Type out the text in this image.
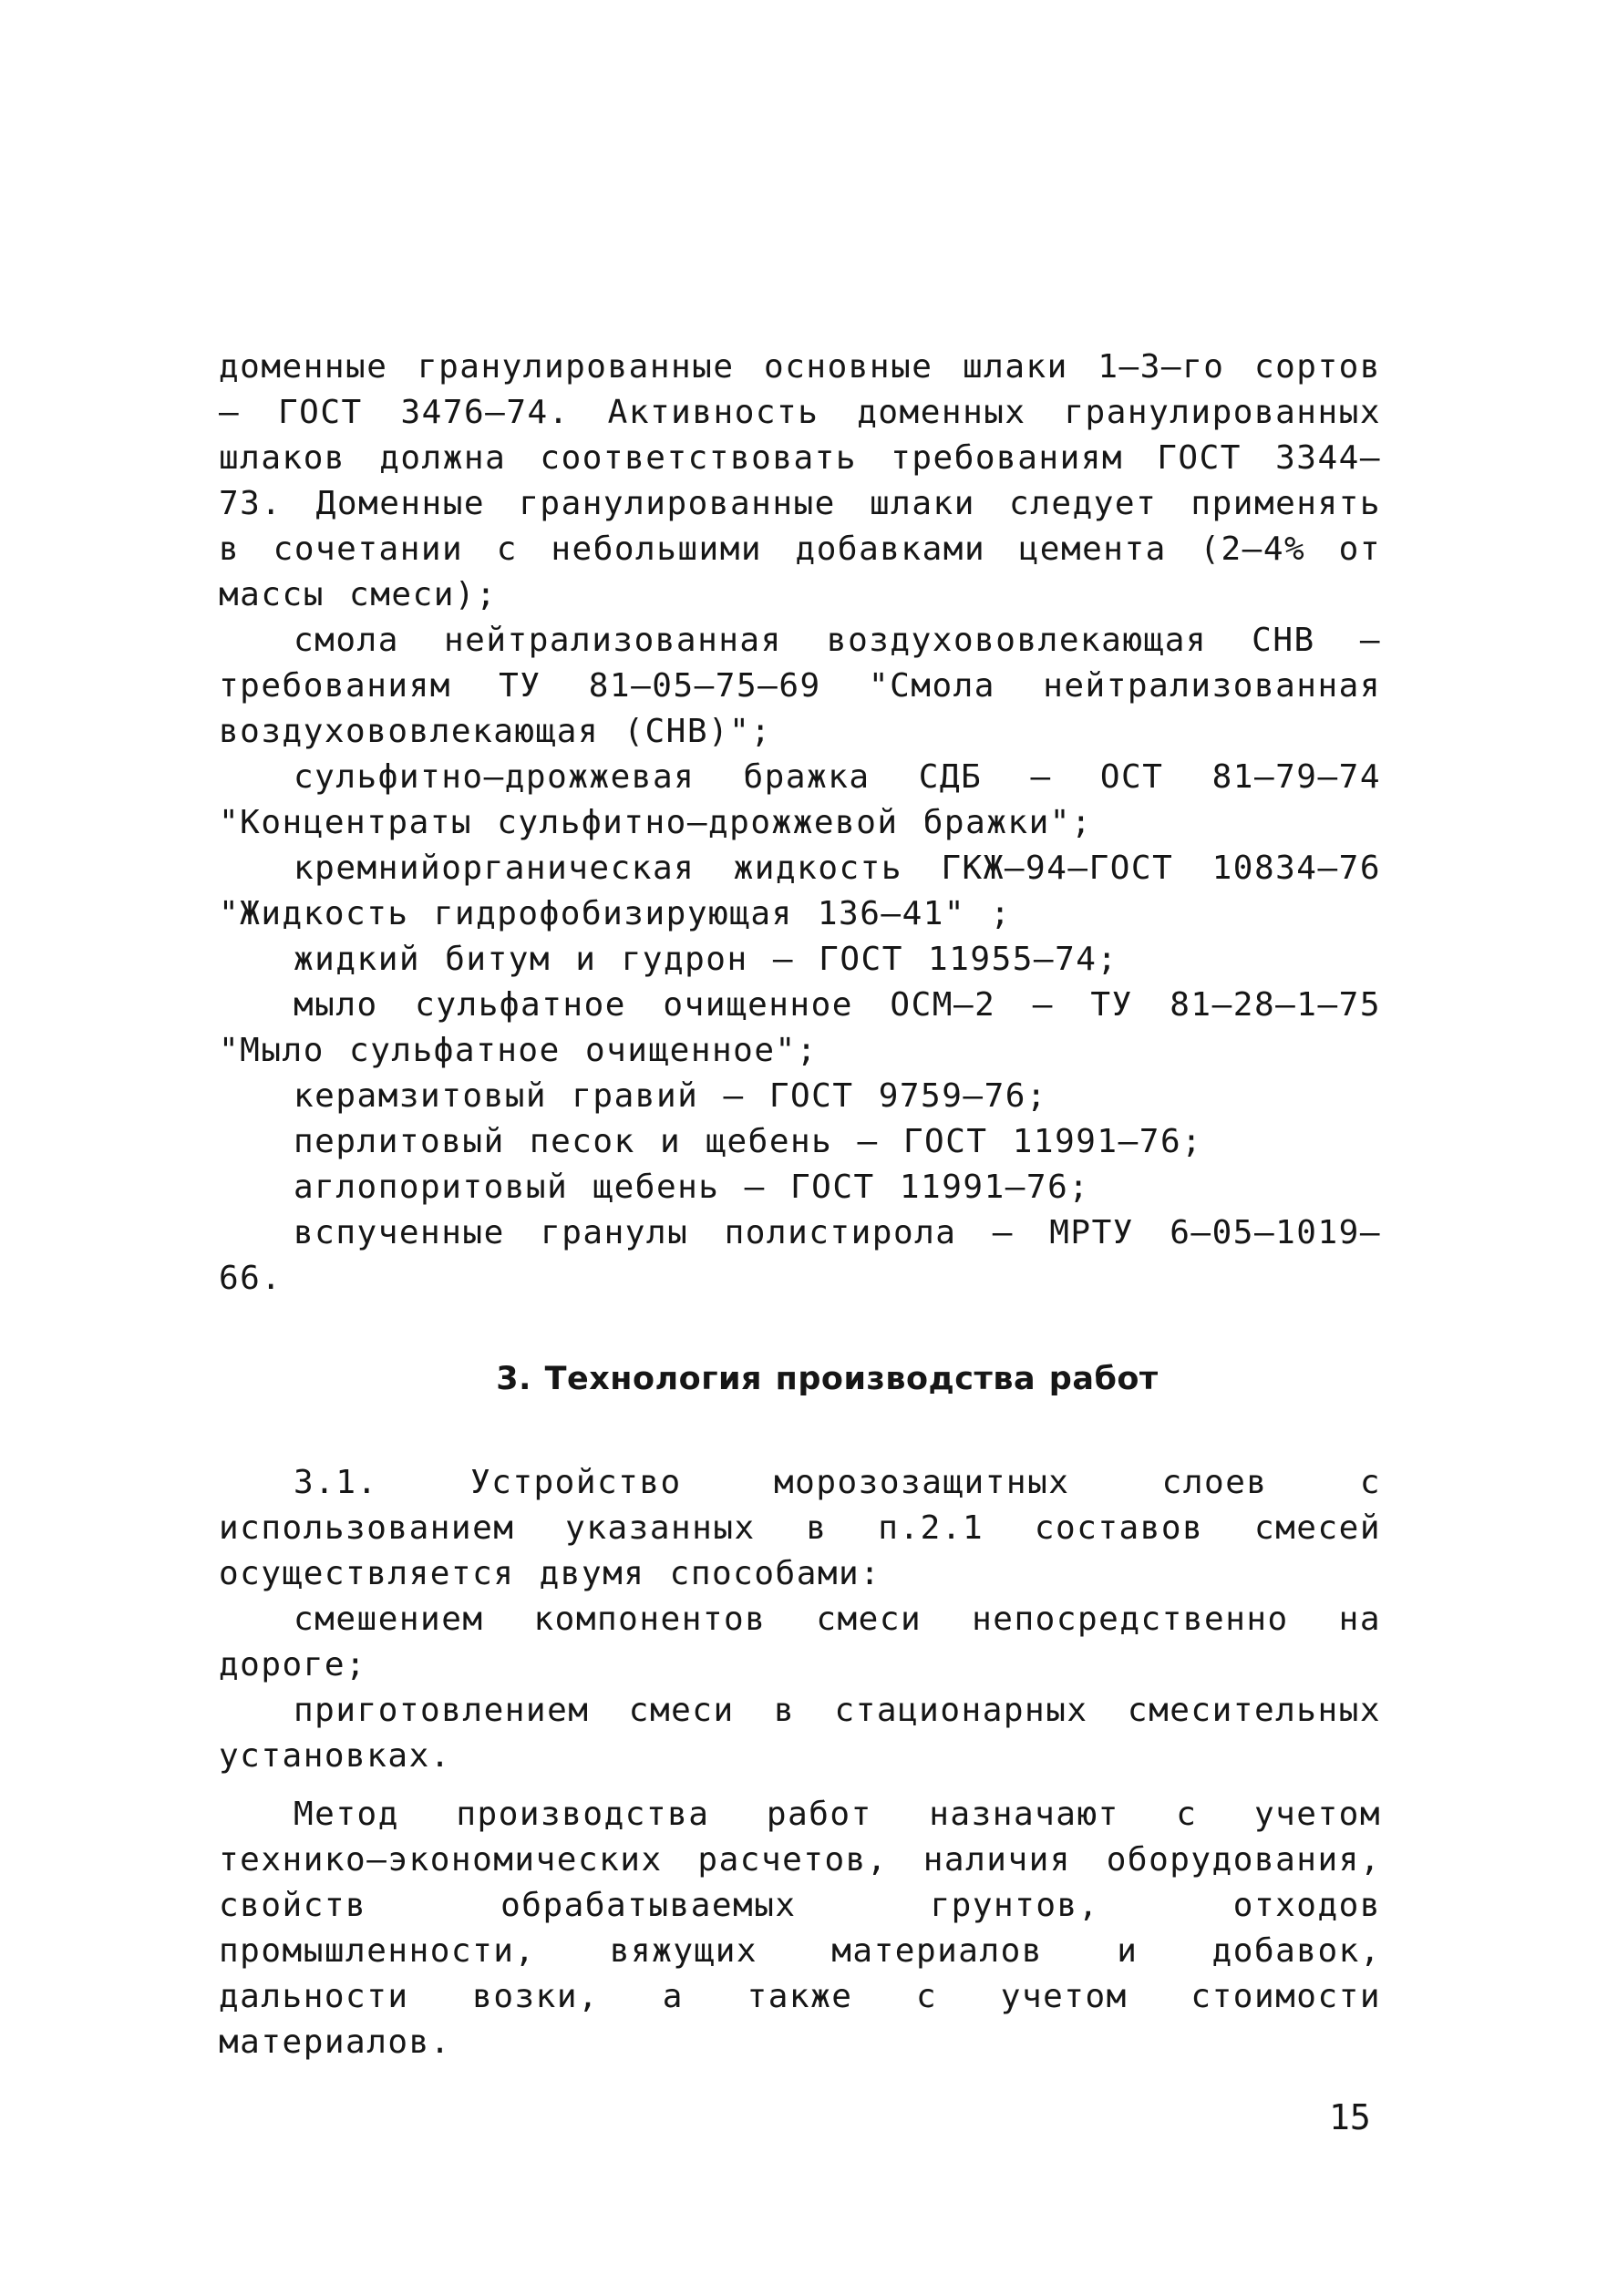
доменные гранулированные основные шлаки 1–3–го сортов – ГОСТ 3476–74. Активность доменных гранулированных шлаков должна соответствовать требованиям ГОСТ 3344–73. Доменные гранулированные шлаки следует применять в сочетании с небольшими добавками цемента (2–4% от массы смеси);

смола нейтрализованная воздухововлекающая СНВ – требованиям ТУ 81–05–75–69 "Смола нейтрализованная воздухововлекающая (СНВ)";

сульфитно–дрожжевая бражка СДБ – ОСТ 81–79–74 "Концентраты сульфитно–дрожжевой бражки";

кремнийорганическая жидкость ГКЖ–94–ГОСТ 10834–76 "Жидкость гидрофобизирующая 136–41" ;

жидкий битум и гудрон – ГОСТ 11955–74;

мыло сульфатное очищенное ОСМ–2 – ТУ 81–28–1–75 "Мыло сульфатное очищенное";

керамзитовый гравий – ГОСТ 9759–76;

перлитовый песок и щебень – ГОСТ 11991–76;

аглопоритовый щебень – ГОСТ 11991–76;

вспученные гранулы полистирола – МРТУ 6–05–1019–66.

3. Технология производства работ

3.1. Устройство морозозащитных слоев с использованием указанных в п.2.1 составов смесей осуществляется двумя способами:

смешением компонентов смеси непосредственно на дороге;

приготовлением смеси в стационарных смесительных установках.

Метод производства работ назначают с учетом технико–экономических расчетов, наличия оборудования, свойств обрабатываемых грунтов, отходов промышленности, вяжущих материалов и добавок, дальности возки, а также с учетом стоимости материалов.

15
